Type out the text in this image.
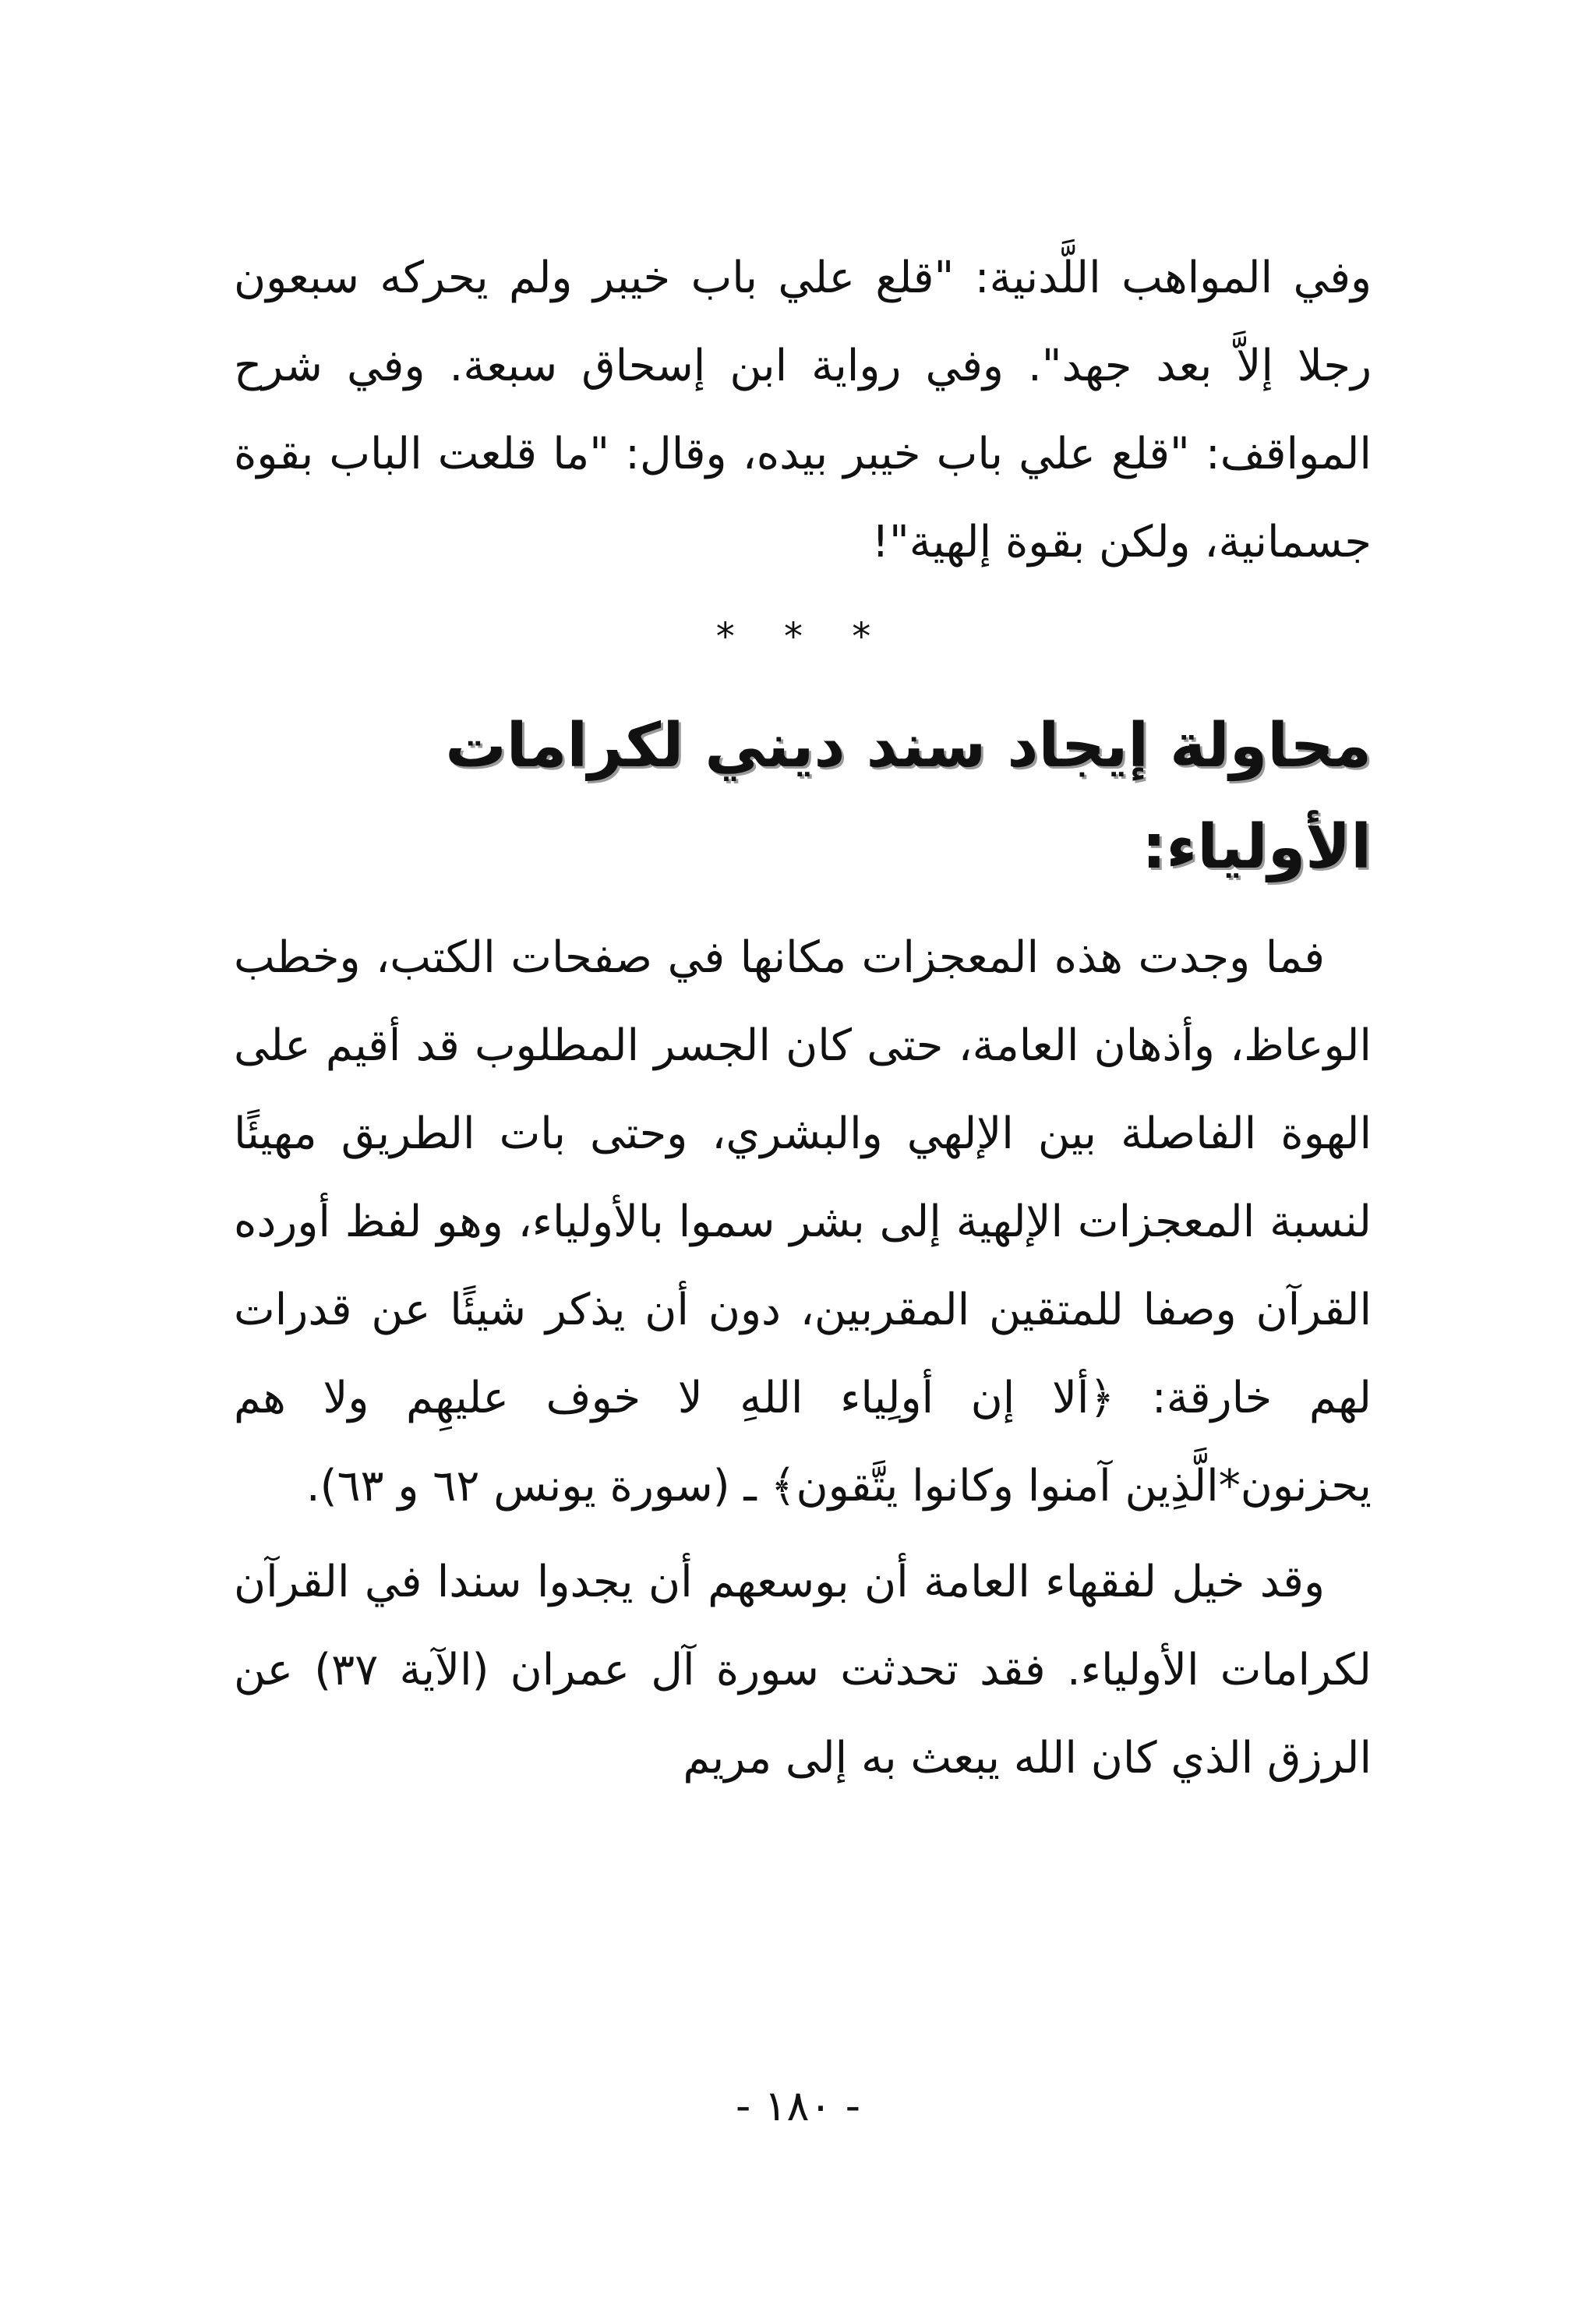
وفي المواهب اللَّدنية: "قلع علي باب خيبر ولم يحركه سبعون رجلا إلاَّ بعد جهد". وفي رواية ابن إسحاق سبعة. وفي شرح المواقف: "قلع علي باب خيبر بيده، وقال: "ما قلعت الباب بقوة جسمانية، ولكن بقوة إلهية"!

* * *
محاولة إيجاد سند ديني لكرامات الأولياء:

فما وجدت هذه المعجزات مكانها في صفحات الكتب، وخطب الوعاظ، وأذهان العامة، حتى كان الجسر المطلوب قد أقيم على الهوة الفاصلة بين الإلهي والبشري، وحتى بات الطريق مهيئًا لنسبة المعجزات الإلهية إلى بشر سموا بالأولياء، وهو لفظ أورده القرآن وصفا للمتقين المقربين، دون أن يذكر شيئًا عن قدرات لهم خارقة: ﴿ألا إن أولِياء اللهِ لا خوف عليهِم ولا هم يحزنون*الَّذِين آمنوا وكانوا يتَّقون﴾ ـ (سورة يونس ٦٢ و ٦٣).

وقد خيل لفقهاء العامة أن بوسعهم أن يجدوا سندا في القرآن لكرامات الأولياء. فقد تحدثت سورة آل عمران (الآية ٣٧) عن الرزق الذي كان الله يبعث به إلى مريم

- ١٨٠ -
